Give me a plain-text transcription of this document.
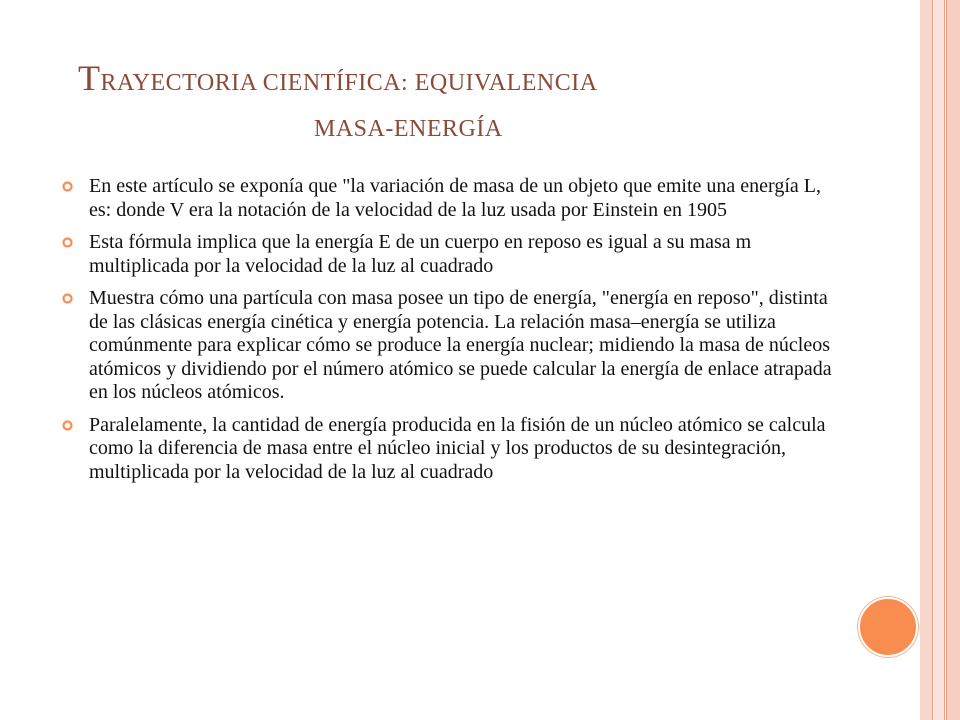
TRAYECTORIA CIENTÍFICA: EQUIVALENCIA
MASA-ENERGÍA
En este artículo se exponía que "la variación de masa de un objeto que emite una energía L, es: donde V era la notación de la velocidad de la luz usada por Einstein en 1905
Esta fórmula implica que la energía E de un cuerpo en reposo es igual a su masa m multiplicada por la velocidad de la luz al cuadrado
Muestra cómo una partícula con masa posee un tipo de energía, "energía en reposo", distinta de las clásicas energía cinética y energía potencia. La relación masa–energía se utiliza comúnmente para explicar cómo se produce la energía nuclear; midiendo la masa de núcleos atómicos y dividiendo por el número atómico se puede calcular la energía de enlace atrapada en los núcleos atómicos.
Paralelamente, la cantidad de energía producida en la fisión de un núcleo atómico se calcula como la diferencia de masa entre el núcleo inicial y los productos de su desintegración, multiplicada por la velocidad de la luz al cuadrado
